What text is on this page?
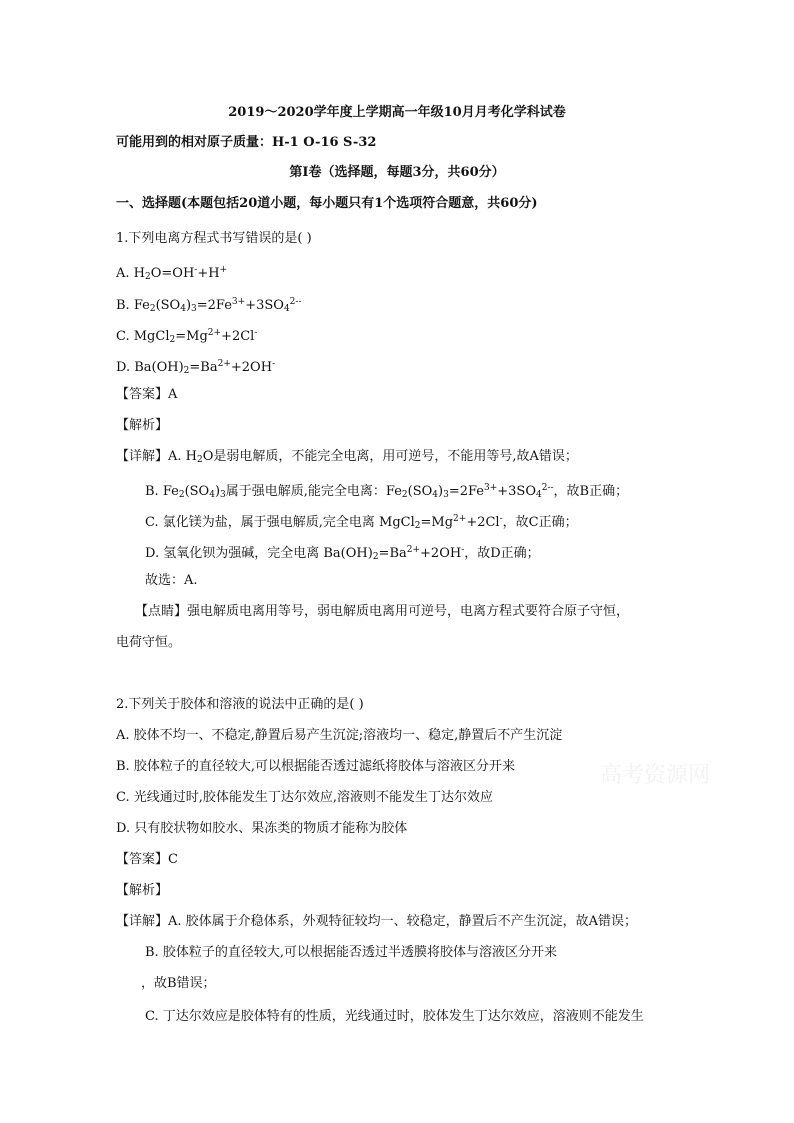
2019～2020学年度上学期高一年级10月月考化学科试卷
可能用到的相对原子质量：H-1 O-16 S-32
第Ⅰ卷（选择题，每题3分，共60分）
一、选择题(本题包括20道小题，每小题只有1个选项符合题意，共60分)
1.下列电离方程式书写错误的是( )
A. $H_2O=OH^-+H^+$
B. $Fe_2(SO_4)_3=2Fe^{3+}+3SO_4^{2--}$
C. $MgCl_2=Mg^{2+}+2Cl^-$
D. $Ba(OH)_2=Ba^{2+}+2OH^-$
【答案】A
【解析】
【详解】A. $H_2O$是弱电解质，不能完全电离，用可逆号，不能用等号,故A错误；
B. $Fe_2(SO_4)_3$属于强电解质,能完全电离：$Fe_2(SO_4)_3=2Fe^{3+}+3SO_4^{2--}$，故B正确；
C. 氯化镁为盐，属于强电解质,完全电离 $MgCl_2=Mg^{2+}+2Cl^-$，故C正确；
D. 氢氧化钡为强碱，完全电离 $Ba(OH)_2=Ba^{2+}+2OH^-$，故D正确；
故选：A.
【点睛】强电解质电离用等号，弱电解质电离用可逆号，电离方程式要符合原子守恒，
电荷守恒。
2.下列关于胶体和溶液的说法中正确的是( )
A. 胶体不均一、不稳定,静置后易产生沉淀;溶液均一、稳定,静置后不产生沉淀
B. 胶体粒子的直径较大,可以根据能否透过滤纸将胶体与溶液区分开来
C. 光线通过时,胶体能发生丁达尔效应,溶液则不能发生丁达尔效应
D. 只有胶状物如胶水、果冻类的物质才能称为胶体
【答案】C
【解析】
【详解】A. 胶体属于介稳体系，外观特征较均一、较稳定，静置后不产生沉淀，故A错误；
B. 胶体粒子的直径较大,可以根据能否透过半透膜将胶体与溶液区分开来
，故B错误；
C. 丁达尔效应是胶体特有的性质，光线通过时，胶体发生丁达尔效应，溶液则不能发生
高考资源网
